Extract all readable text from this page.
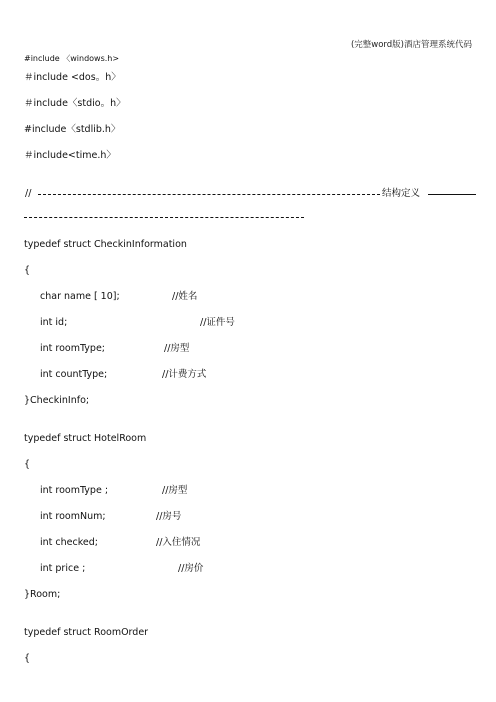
(完整word版)酒店管理系统代码
#include 〈windows.h>
＃include <dos。h〉
＃include〈stdio。h〉
#include〈stdlib.h〉
＃include<time.h〉
//	结构定义
typedef struct CheckinInformation
{
char name [ 10];	//姓名
int id;	//证件号
int roomType;	//房型
int countType;	//计费方式
}CheckinInfo;
typedef struct HotelRoom
{
int roomType ;	//房型
int roomNum;	//房号
int checked;	//入住情况
int price ;	//房价
}Room;
typedef struct RoomOrder
{
